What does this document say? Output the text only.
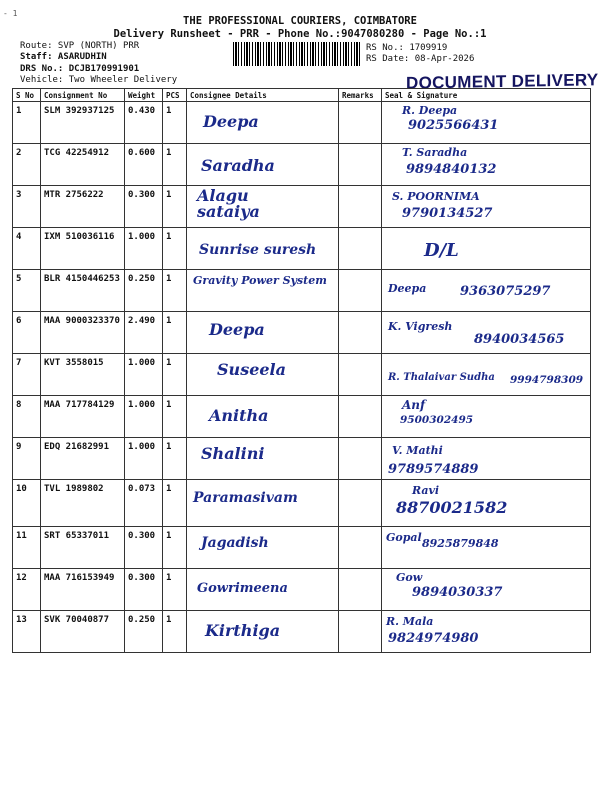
- 1
THE PROFESSIONAL COURIERS, COIMBATORE
Delivery Runsheet - PRR - Phone No.:9047080280 - Page No.:1
Route: SVP (NORTH) PRR
Staff: ASARUDHIN
DRS No.: DCJB170991901
Vehicle: Two Wheeler Delivery
RS No.: 1709919
RS Date: 08-Apr-2026
DOCUMENT DELIVERY
S No	Consignment No	Weight	PCS	Consignee Details	Remarks	Seal & Signature
1	SLM 392937125	0.430	1	Deepa		R. Deepa
9025566431

2	TCG 42254912	0.600	1	Saradha		T. Saradha
9894840132

3	MTR 2756222	0.300	1	Alagu sataiya		S. POORNIMA
9790134527

4	IXM 510036116	1.000	1	Sunrise suresh		D/L

5	BLR 4150446253	0.250	1	Gravity Power System		Deepa 9363075297

6	MAA 9000323370	2.490	1	Deepa		K. Vigresh
8940034565

7	KVT 3558015	1.000	1	Suseela		R. Thalaivar Sudha 9994798309

8	MAA 717784129	1.000	1	Anitha		Anf
9500302495

9	EDQ 21682991	1.000	1	Shalini		V. Mathi
9789574889

10	TVL 1989802	0.073	1	Paramasivam		Ravi
8870021582

11	SRT 65337011	0.300	1	Jagadish		Gopal 8925879848

12	MAA 716153949	0.300	1	Gowrimeena		Gow
9894030337

13	SVK 70040877	0.250	1	Kirthiga		R. Mala
9824974980
